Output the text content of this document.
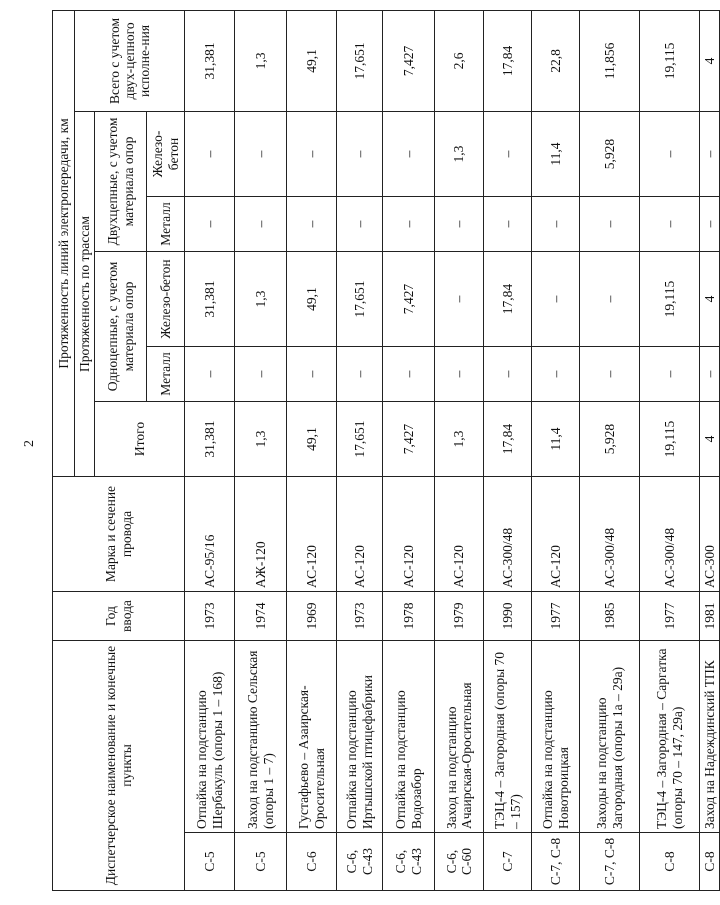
2
Диспетчерское наименование и конечные пункты		Год ввода	Марка и сечение провода	Протяженность линий электропередачи, км					
				Протяженность по трассам					Всего с учетом двух-цепного исполне-ния
				Итого	Одноцепные, с учетом материала опор		Двухцепные, с учетом материала опор		
					Металл	Железо-бетон	Металл	Железо-бетон	
С-5	Отпайка на подстанцию Шербакуль (опоры 1 – 168)	1973	АС-95/16	31,381	–	31,381	–	–	31,381
С-5	Заход на подстанцию Сельская (опоры 1 – 7)	1974	АЖ-120	1,3	–	1,3	–	–	1,3
С-6	Густафьево – Азаирская-Оросительная	1969	АС-120	49,1	–	49,1	–	–	49,1
С-6, С-43	Отпайка на подстанцию Иртышской птицефабрики	1973	АС-120	17,651	–	17,651	–	–	17,651
С-6, С-43	Отпайка на подстанцию Водозабор	1978	АС-120	7,427	–	7,427	–	–	7,427
С-6, С-60	Заход на подстанцию Ачаирская-Оросительная	1979	АС-120	1,3	–	–	–	1,3	2,6
С-7	ТЭЦ-4 – Загородная (опоры 70 – 157)	1990	АС-300/48	17,84	–	17,84	–	–	17,84
С-7, С-8	Отпайка на подстанцию Новотроицкая	1977	АС-120	11,4	–	–	–	11,4	22,8
С-7, С-8	Заходы на подстанцию Загородная (опоры 1а – 29а)	1985	АС-300/48	5,928	–	–	–	5,928	11,856
С-8	ТЭЦ-4 – Загородная – Саргатка (опоры 70 – 147, 29а)	1977	АС-300/48	19,115	–	19,115	–	–	19,115
С-8	Заход на Надеждинский ТПК	1981	АС-300	4	–	4	–	–	4
